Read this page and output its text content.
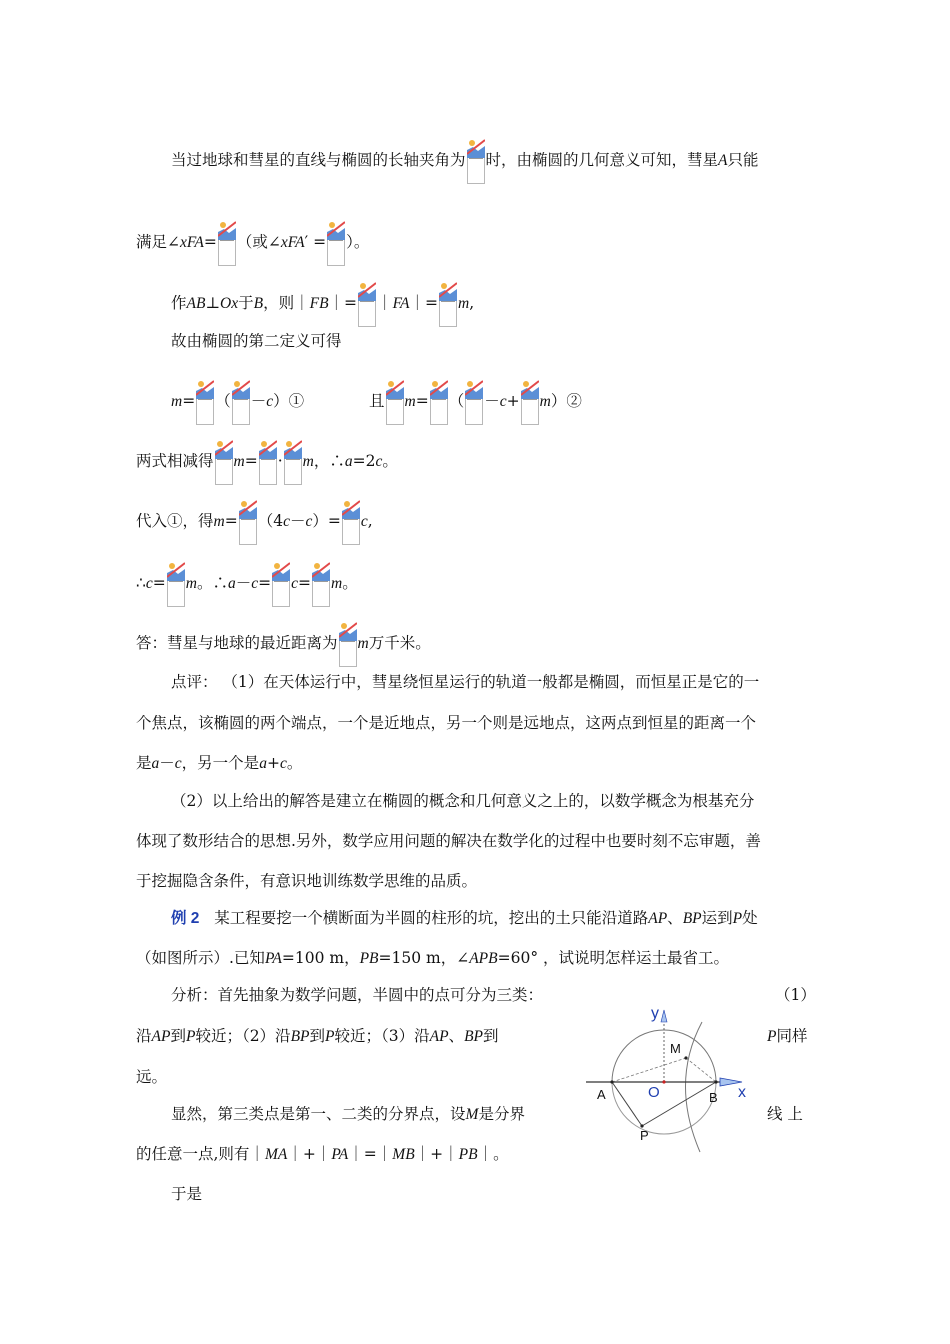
当过地球和彗星的直线与椭圆的长轴夹角为 时，由椭圆的几何意义可知，彗星A只能
满足∠xFA= （或∠xFA′ = ）。
作AB⊥Ox于B，则｜FB｜= ｜FA｜= m,
故由椭圆的第二定义可得
m= （ －c）①	且 m= （ －c+ m）②
两式相减得 m= · m，∴a=2c。
代入①，得m= （4c－c）= c,
∴c= m。∴a－c= c= m。
答：彗星与地球的最近距离为 m万千米。
点评： （1）在天体运行中，彗星绕恒星运行的轨道一般都是椭圆，而恒星正是它的一
个焦点，该椭圆的两个端点，一个是近地点，另一个则是远地点，这两点到恒星的距离一个
是a－c，另一个是a+c。
（2）以上给出的解答是建立在椭圆的概念和几何意义之上的，以数学概念为根基充分
体现了数形结合的思想.另外，数学应用问题的解决在数学化的过程中也要时刻不忘审题，善
于挖掘隐含条件，有意识地训练数学思维的品质。
例 2 某工程要挖一个横断面为半圆的柱形的坑，挖出的土只能沿道路AP、BP运到P处
（如图所示）.已知PA=100 m，PB=150 m，∠APB=60° ，试说明怎样运土最省工。
分析：首先抽象为数学问题，半圆中的点可分为三类：	（1）
沿AP到P较近；（2）沿BP到P较近；（3）沿AP、BP到	P同样
远。
显然，第三类点是第一、二类的分界点，设M是分界	线 上
的任意一点,则有｜MA｜+｜PA｜=｜MB｜+｜PB｜。
于是
y
x
M
A	O	B
P
